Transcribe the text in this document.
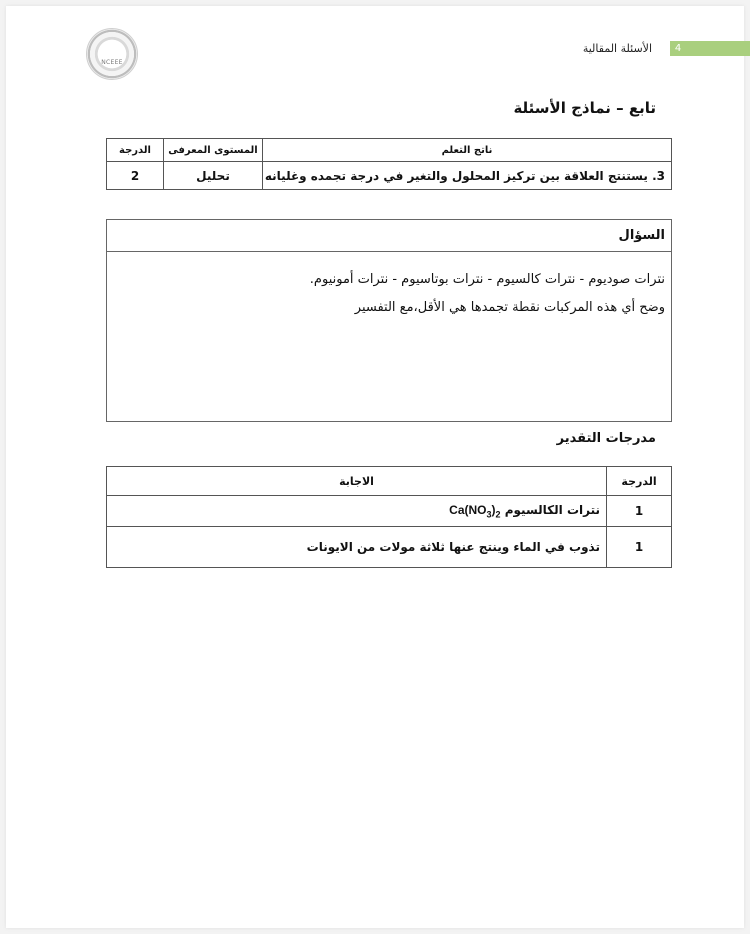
NCEEE
4
الأسئلة المقالية
تابع – نماذج الأسئلة
ناتج التعلم	المستوى المعرفى	الدرجة
3. يستنتج العلاقة بين تركيز المحلول والتغير في درجة تجمده وغليانه	تحليل	2
السؤال
نترات صوديوم - نترات كالسيوم - نترات بوتاسيوم - نترات أمونيوم.
وضح أي هذه المركبات نقطة تجمدها هي الأقل،مع التفسير
مدرجات التقدير
الدرجة	الاجابة
1	نترات الكالسيوم $Ca(NO_3)_2$
1	تذوب في الماء وينتج عنها ثلاثة مولات من الايونات
